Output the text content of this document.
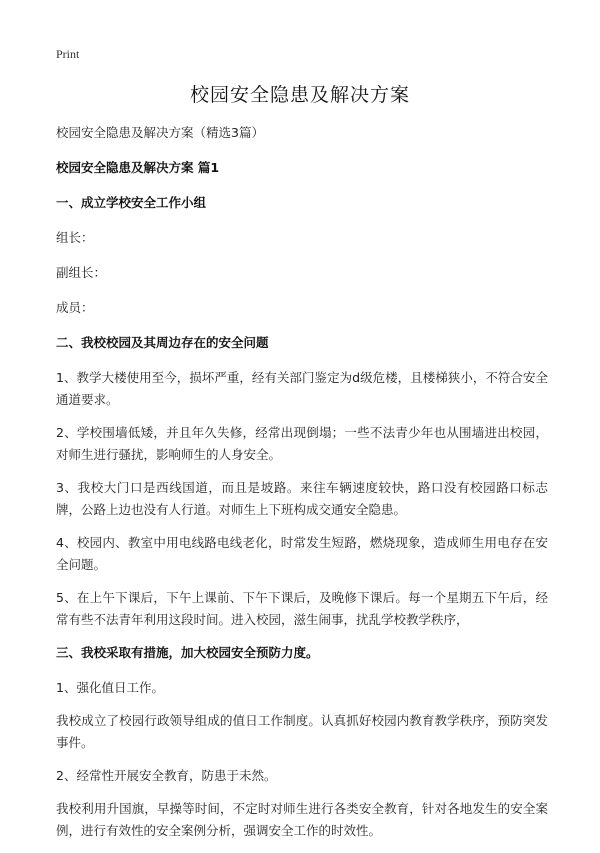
Print
校园安全隐患及解决方案

校园安全隐患及解决方案（精选3篇）

校园安全隐患及解决方案 篇1

一、成立学校安全工作小组

组长：

副组长：

成员：

二、我校校园及其周边存在的安全问题

1、教学大楼使用至今，损坏严重，经有关部门鉴定为d级危楼，且楼梯狭小，不符合安全通道要求。

2、学校围墙低矮，并且年久失修，经常出现倒塌；一些不法青少年也从围墙进出校园，对师生进行骚扰，影响师生的人身安全。

3、我校大门口是西线国道，而且是坡路。来往车辆速度较快，路口没有校园路口标志牌，公路上边也没有人行道。对师生上下班构成交通安全隐患。

4、校园内、教室中用电线路电线老化，时常发生短路，燃烧现象，造成师生用电存在安全问题。

5、在上午下课后，下午上课前、下午下课后，及晚修下课后。每一个星期五下午后，经常有些不法青年利用这段时间。进入校园，滋生闹事，扰乱学校教学秩序，

三、我校采取有措施，加大校园安全预防力度。

1、强化值日工作。

我校成立了校园行政领导组成的值日工作制度。认真抓好校园内教育教学秩序，预防突发事件。

2、经常性开展安全教育，防患于未然。

我校利用升国旗，早操等时间，不定时对师生进行各类安全教育，针对各地发生的安全案例，进行有效性的安全案例分析，强调安全工作的时效性。
